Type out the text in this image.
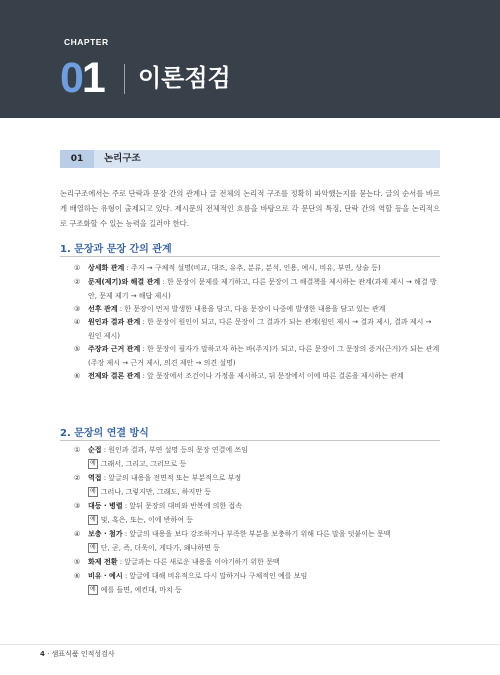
CHAPTER
01 이론점검
01	논리구조
논리구조에서는 주로 단락과 문장 간의 관계나 글 전체의 논리적 구조를 정확히 파악했는지를 묻는다. 글의 순서를 바르게 배열하는 유형이 출제되고 있다. 제시문의 전체적인 흐름을 바탕으로 각 문단의 특징, 단락 간의 역할 등을 논리적으로 구조화할 수 있는 능력을 길러야 한다.
1. 문장과 문장 간의 관계
①	상세화 관계 : 주지 → 구체적 설명(비교, 대조, 유추, 분류, 분석, 인용, 예시, 비유, 부연, 상술 등)
②	문제(제기)와 해결 관계 : 한 문장이 문제를 제기하고, 다른 문장이 그 해결책을 제시하는 관계(과제 제시 → 해결 방안, 문제 제기 → 해답 제시)
③	선후 관계 : 한 문장이 먼저 발생한 내용을 담고, 다음 문장이 나중에 발생한 내용을 담고 있는 관계
④	원인과 결과 관계 : 한 문장이 원인이 되고, 다른 문장이 그 결과가 되는 관계(원인 제시 → 결과 제시, 결과 제시 → 원인 제시)
⑤	주장과 근거 관계 : 한 문장이 필자가 말하고자 하는 바(주지)가 되고, 다른 문장이 그 문장의 증거(근거)가 되는 관계(주장 제시 → 근거 제시, 의견 제안 → 의견 설명)
⑥	전제와 결론 관계 : 앞 문장에서 조건이나 가정을 제시하고, 뒤 문장에서 이에 따른 결론을 제시하는 관계
2. 문장의 연결 방식
①	순접 : 원인과 결과, 부연 설명 등의 문장 연결에 쓰임
예 그래서, 그리고, 그러므로 등
②	역접 : 앞글의 내용을 전면적 또는 부분적으로 부정
예 그러나, 그렇지만, 그래도, 하지만 등
③	대등 · 병렬 : 앞뒤 문장의 대비와 반복에 의한 접속
예 및, 혹은, 또는, 이에 반하여 등
④	보충 · 첨가 : 앞글의 내용을 보다 강조하거나 부족한 부분을 보충하기 위해 다른 말을 덧붙이는 문맥
예 단, 곧, 즉, 더욱이, 게다가, 왜냐하면 등
⑤	화제 전환 : 앞글과는 다른 새로운 내용을 이야기하기 위한 문맥
⑥	비유 · 예시 : 앞글에 대해 비유적으로 다시 말하거나 구체적인 예를 보임
예 예를 들면, 예컨대, 마치 등
4 · 샘표식품 인적성검사
